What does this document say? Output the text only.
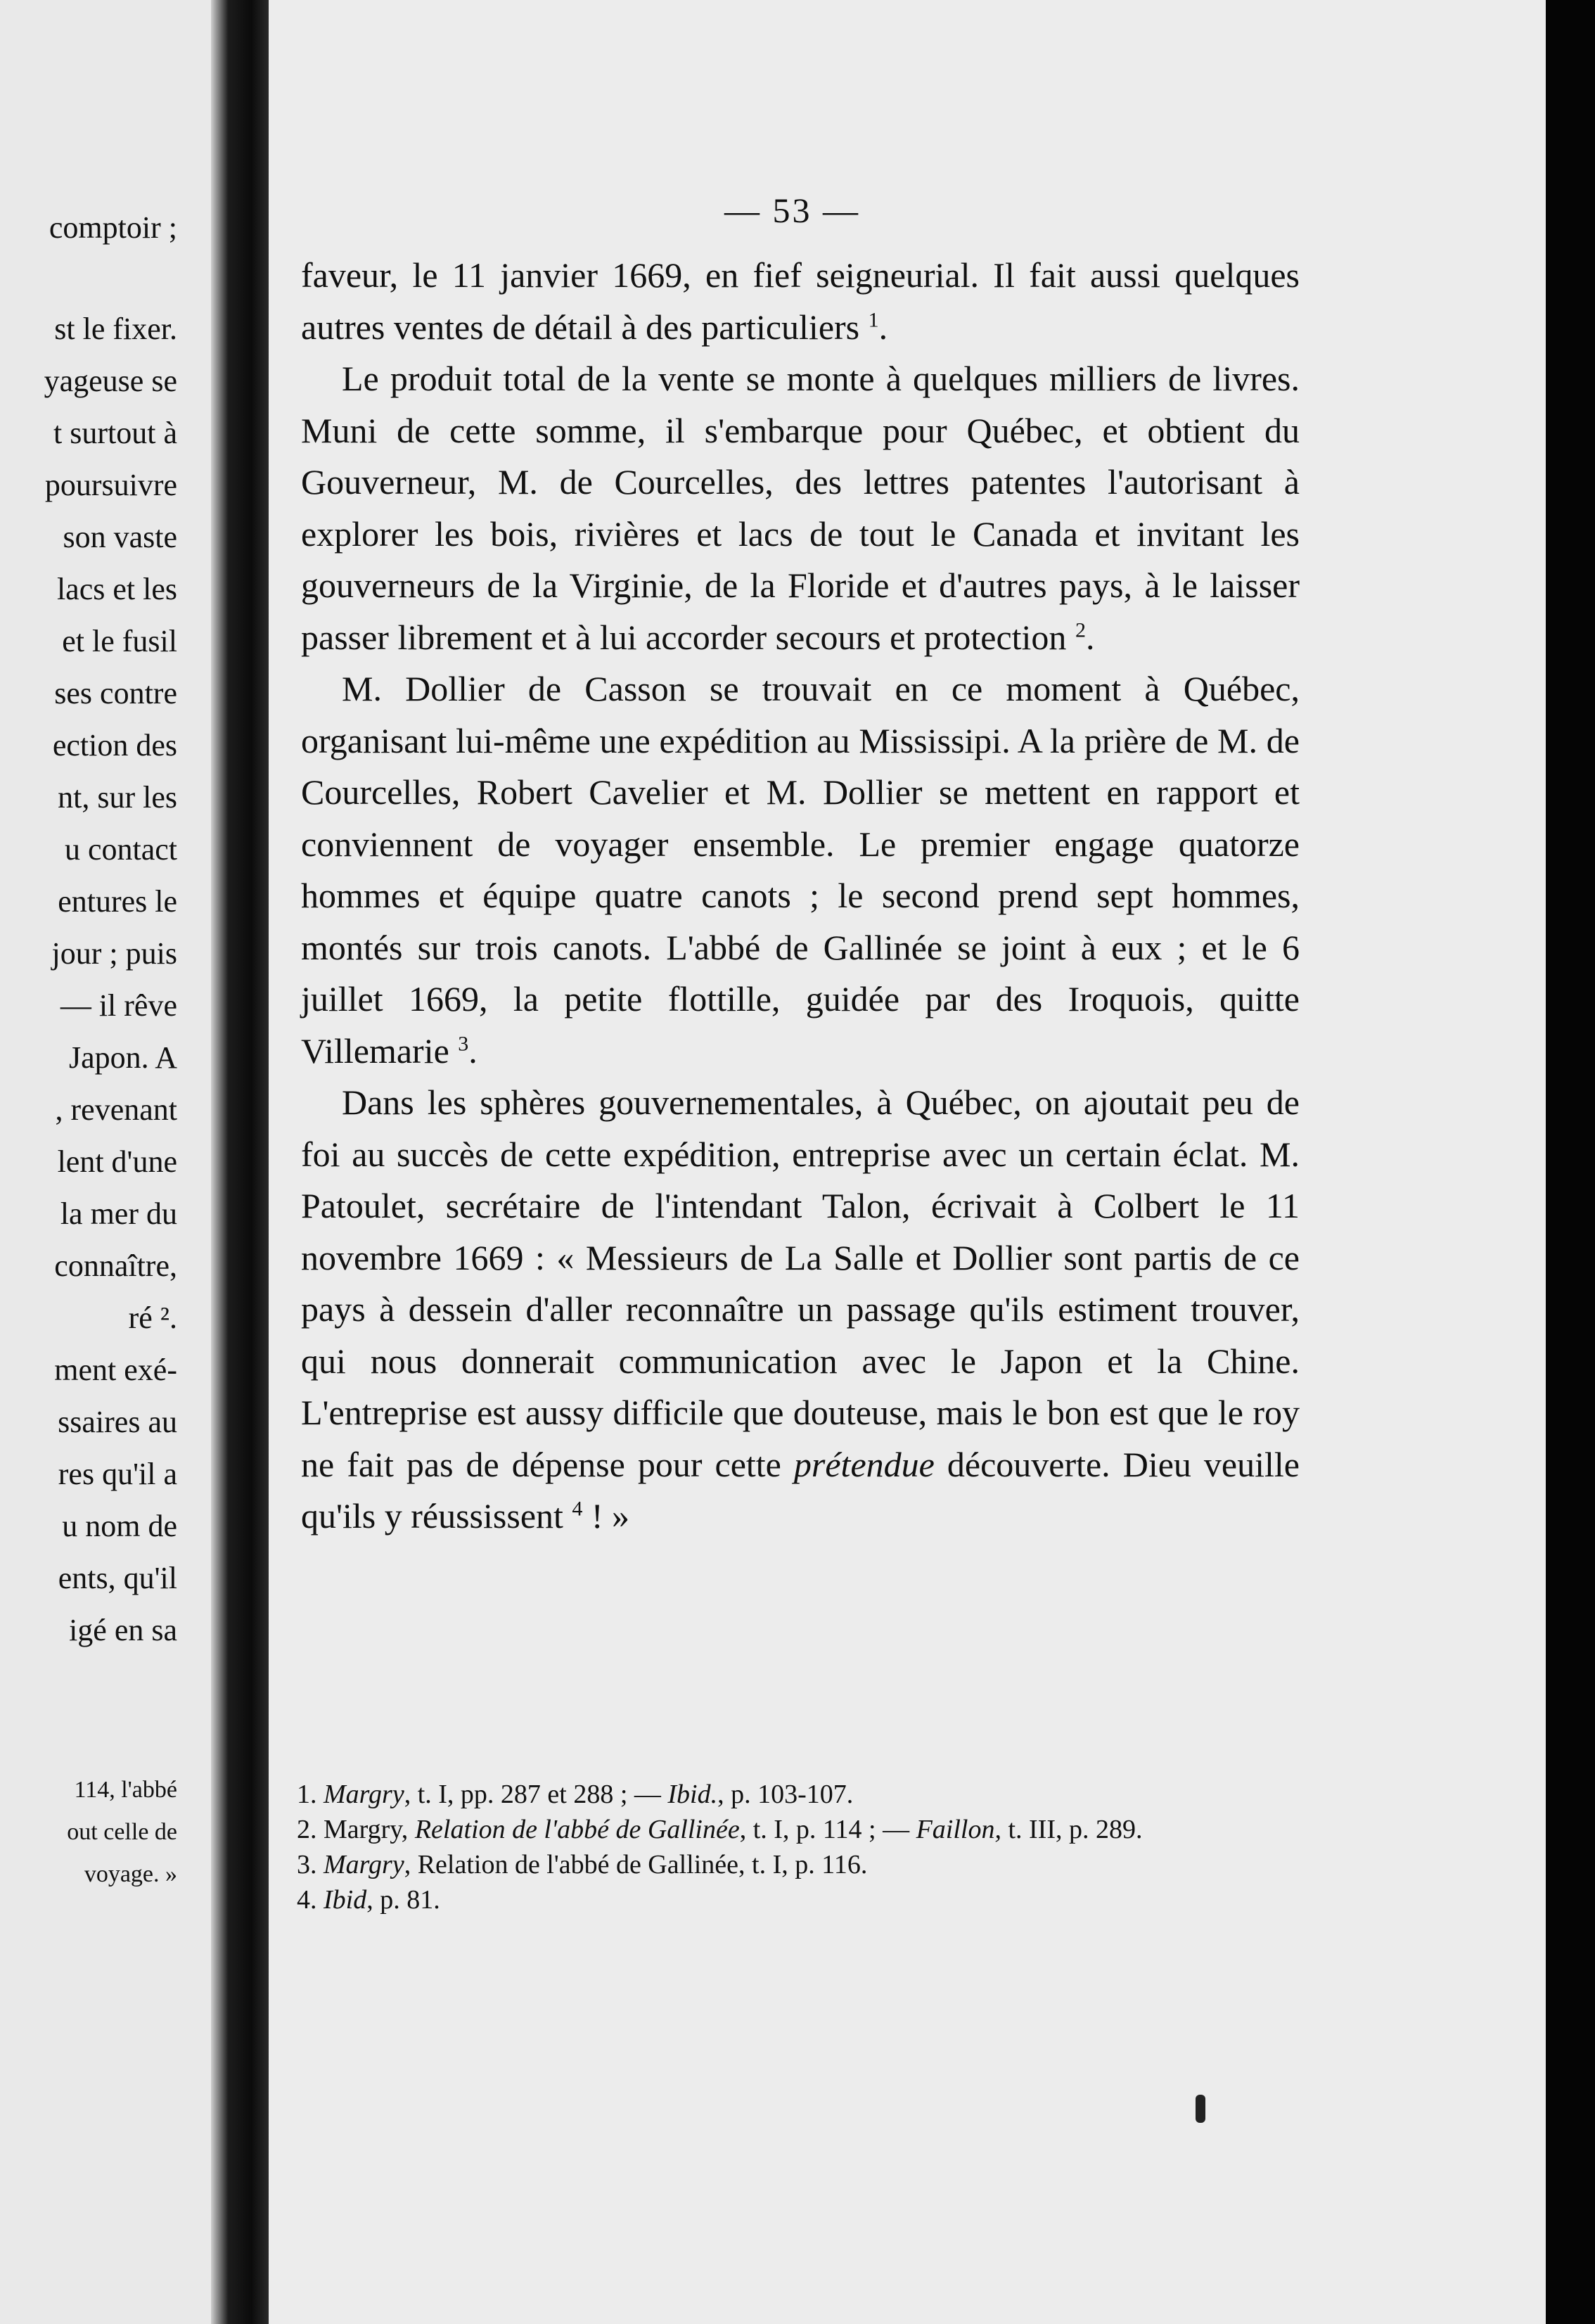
comptoir ;
st le fixer.
yageuse se
t surtout à
poursuivre
son vaste
lacs et les
et le fusil
ses contre
ection des
nt, sur les
u contact
entures le
jour ; puis
— il rêve
Japon. A
, revenant
lent d'une
la mer du
connaître,
ré ².
ment exé-
ssaires au
res qu'il a
u nom de
ents, qu'il
igé en sa
114, l'abbé
out celle de
voyage. »
— 53 —

faveur, le 11 janvier 1669, en fief seigneurial. Il fait aussi quelques autres ventes de détail à des particuliers $^1$.

Le produit total de la vente se monte à quelques milliers de livres. Muni de cette somme, il s'embarque pour Québec, et obtient du Gouverneur, M. de Courcelles, des lettres patentes l'autorisant à explorer les bois, rivières et lacs de tout le Canada et invitant les gouverneurs de la Virginie, de la Floride et d'autres pays, à le laisser passer librement et à lui accorder secours et protection $^2$.

M. Dollier de Casson se trouvait en ce moment à Québec, organisant lui-même une expédition au Mississipi. A la prière de M. de Courcelles, Robert Cavelier et M. Dollier se mettent en rapport et conviennent de voyager ensemble. Le premier engage quatorze hommes et équipe quatre canots ; le second prend sept hommes, montés sur trois canots. L'abbé de Gallinée se joint à eux ; et le 6 juillet 1669, la petite flottille, guidée par des Iroquois, quitte Villemarie $^3$.

Dans les sphères gouvernementales, à Québec, on ajoutait peu de foi au succès de cette expédition, entreprise avec un certain éclat. M. Patoulet, secrétaire de l'intendant Talon, écrivait à Colbert le 11 novembre 1669 : « Messieurs de La Salle et Dollier sont partis de ce pays à dessein d'aller reconnaître un passage qu'ils estiment trouver, qui nous donnerait communication avec le Japon et la Chine. L'entreprise est aussy difficile que douteuse, mais le bon est que le roy ne fait pas de dépense pour cette prétendue découverte. Dieu veuille qu'ils y réussissent $^4$ ! »

1. Margry, t. I, pp. 287 et 288 ; — Ibid., p. 103-107.
2. Margry, Relation de l'abbé de Gallinée, t. I, p. 114 ; — Faillon, t. III, p. 289.
3. Margry, Relation de l'abbé de Gallinée, t. I, p. 116.
4. Ibid, p. 81.
